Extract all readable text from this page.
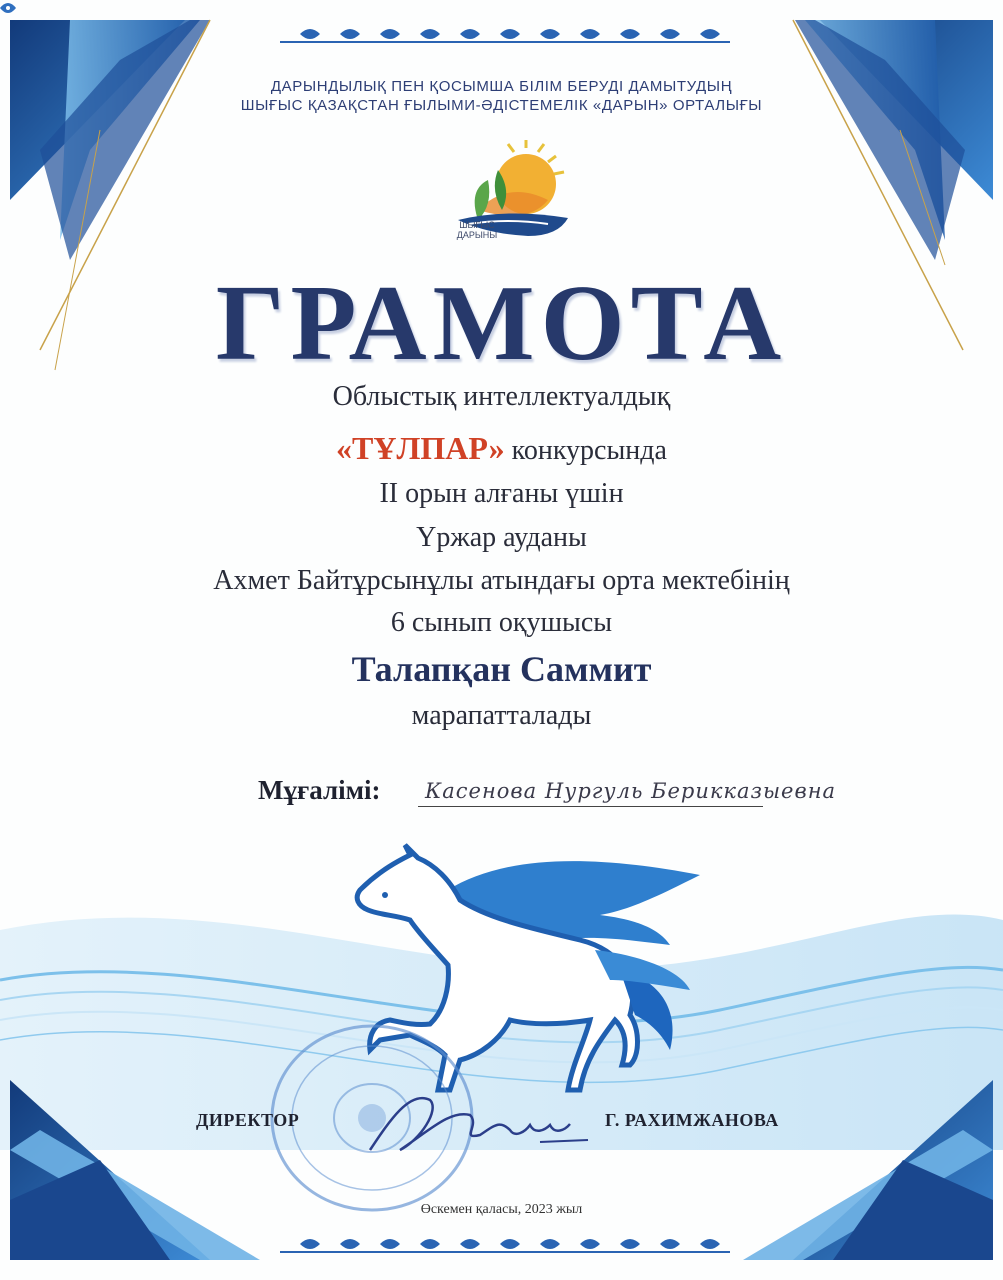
ДАРЫНДЫЛЫҚ ПЕН ҚОСЫМША БІЛІМ БЕРУДІ ДАМЫТУДЫҢ
ШЫҒЫС ҚАЗАҚСТАН ҒЫЛЫМИ-ӘДІСТЕМЕЛІК «ДАРЫН» ОРТАЛЫҒЫ
ШЫҒЫС
ДАРЫНЫ
ГРАМОТА
Облыстық интеллектуалдық
«ТҰЛПАР» конкурсында
II орын алғаны үшін
Үржар ауданы
Ахмет Байтұрсынұлы атындағы орта мектебінің
6 сынып оқушысы
Талапқан Саммит
марапатталады
Мұғалімі: Касенова Нургуль Берикказыевна
ДИРЕКТОР	Г. РАХИМЖАНОВА
Өскемен қаласы, 2023 жыл
